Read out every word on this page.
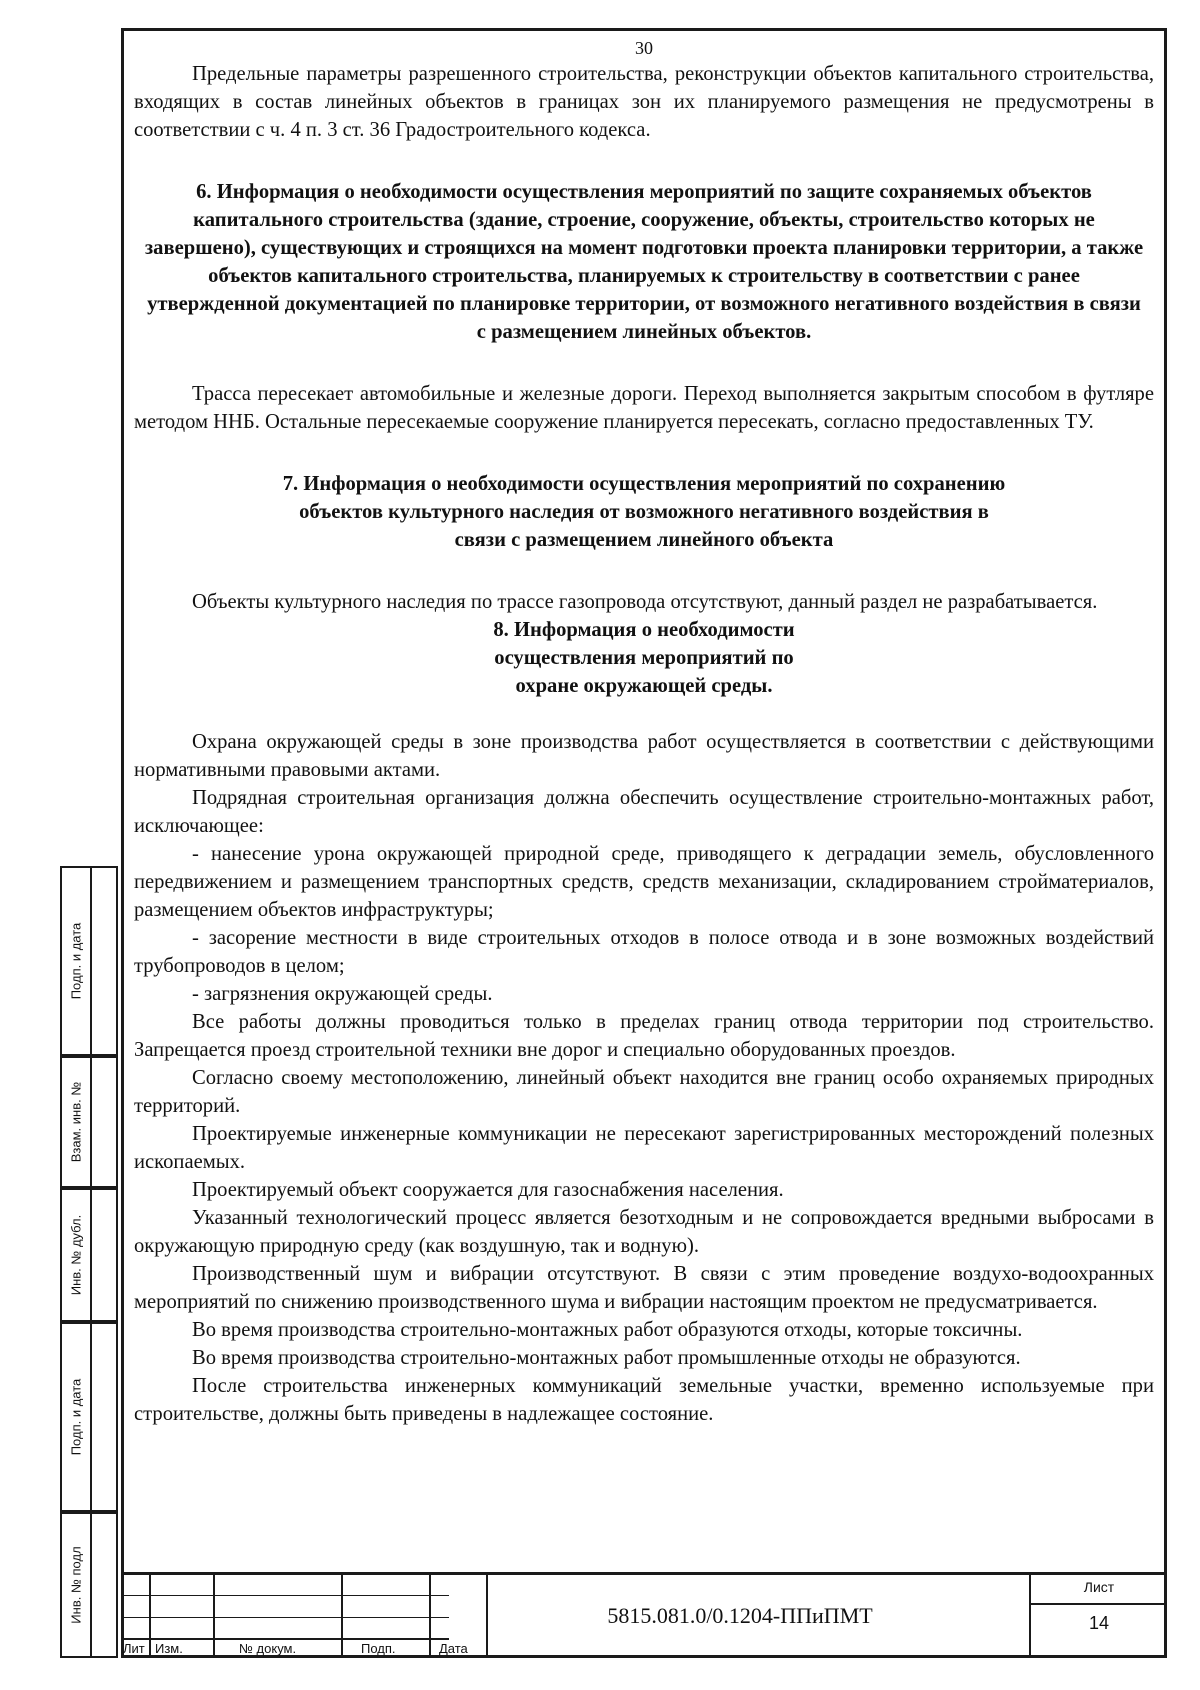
30

Предельные параметры разрешенного строительства, реконструкции объектов капитального строительства, входящих в состав линейных объектов в границах зон их планируемого размещения не предусмотрены в соответствии с ч. 4 п. 3 ст. 36 Градостроительного кодекса.

6. Информация о необходимости осуществления мероприятий по защите сохраняемых объектов капитального строительства (здание, строение, сооружение, объекты, строительство которых не завершено), существующих и строящихся на момент подготовки проекта планировки территории, а также объектов капитального строительства, планируемых к строительству в соответствии с ранее утвержденной документацией по планировке территории, от возможного негативного воздействия в связи с размещением линейных объектов.

Трасса пересекает автомобильные и железные дороги. Переход выполняется закрытым способом в футляре методом ННБ. Остальные пересекаемые сооружение планируется пересекать, согласно предоставленных ТУ.

7. Информация о необходимости осуществления мероприятий по сохранению объектов культурного наследия от возможного негативного воздействия в связи с размещением линейного объекта

Объекты культурного наследия по трассе газопровода отсутствуют, данный раздел не разрабатывается.

8. Информация о необходимости осуществления мероприятий по охране окружающей среды.

Охрана окружающей среды в зоне производства работ осуществляется в соответствии с действующими нормативными правовыми актами.

Подрядная строительная организация должна обеспечить осуществление строительно-монтажных работ, исключающее:

- нанесение урона окружающей природной среде, приводящего к деградации земель, обусловленного передвижением и размещением транспортных средств, средств механизации, складированием стройматериалов, размещением объектов инфраструктуры;

- засорение местности в виде строительных отходов в полосе отвода и в зоне возможных воздействий трубопроводов в целом;

- загрязнения окружающей среды.

Все работы должны проводиться только в пределах границ отвода территории под строительство. Запрещается проезд строительной техники вне дорог и специально оборудованных проездов.

Согласно своему местоположению, линейный объект находится вне границ особо охраняемых природных территорий.

Проектируемые инженерные коммуникации не пересекают зарегистрированных месторождений полезных ископаемых.

Проектируемый объект сооружается для газоснабжения населения.

Указанный технологический процесс является безотходным и не сопровождается вредными выбросами в окружающую природную среду (как воздушную, так и водную).

Производственный шум и вибрации отсутствуют. В связи с этим проведение воздухо-водоохранных мероприятий по снижению производственного шума и вибрации настоящим проектом не предусматривается.

Во время производства строительно-монтажных работ образуются отходы, которые токсичны.

Во время производства строительно-монтажных работ промышленные отходы не образуются.

После строительства инженерных коммуникаций земельные участки, временно используемые при строительстве, должны быть приведены в надлежащее состояние.

Подп. и дата
Взам. инв. №
Инв. № дубл.
Подп. и дата
Инв. № подл
Лит Изм.	№ докум.	Подп.	Дата
5815.081.0/0.1204-ППиПМТ
Лист
14
